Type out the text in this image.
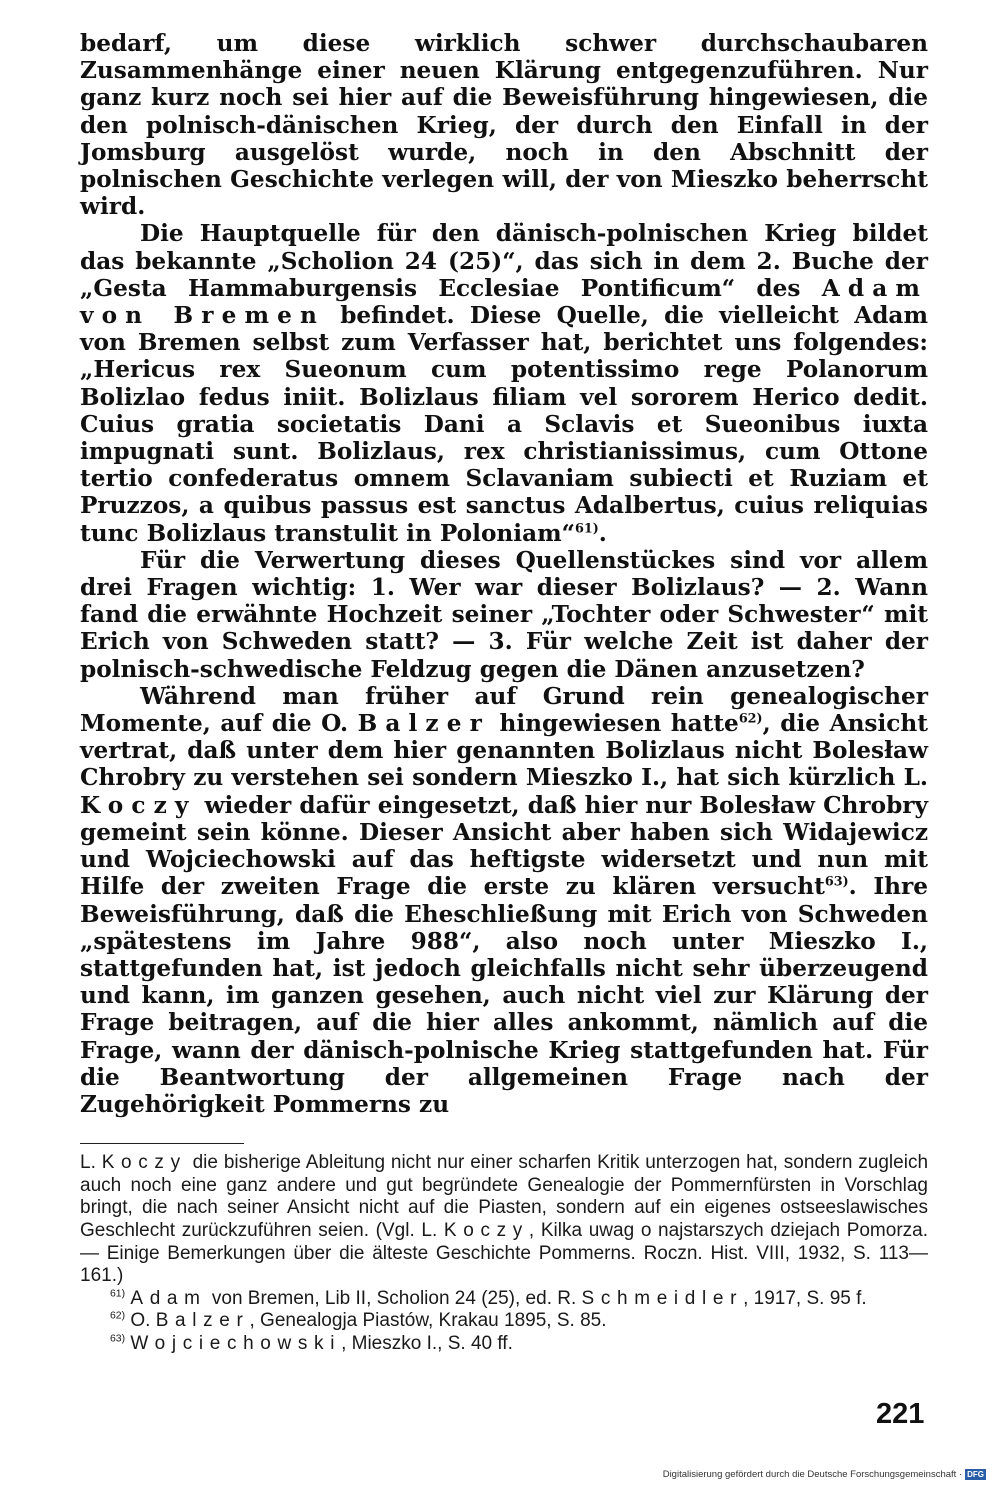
bedarf, um diese wirklich schwer durchschaubaren Zusammenhänge einer neuen Klärung entgegenzuführen. Nur ganz kurz noch sei hier auf die Beweisführung hingewiesen, die den polnisch-dänischen Krieg, der durch den Einfall in der Jomsburg ausgelöst wurde, noch in den Abschnitt der polnischen Geschichte verlegen will, der von Mieszko beherrscht wird.

Die Hauptquelle für den dänisch-polnischen Krieg bildet das bekannte „Scholion 24 (25)“, das sich in dem 2. Buche der „Gesta Hammaburgensis Ecclesiae Pontificum“ des Adam von Bremen befindet. Diese Quelle, die vielleicht Adam von Bremen selbst zum Verfasser hat, berichtet uns folgendes: „Hericus rex Sueonum cum potentissimo rege Polanorum Bolizlao fedus iniit. Bolizlaus filiam vel sororem Herico dedit. Cuius gratia societatis Dani a Sclavis et Sueonibus iuxta impugnati sunt. Bolizlaus, rex christianissimus, cum Ottone tertio confederatus omnem Sclavaniam subiecti et Ruziam et Pruzzos, a quibus passus est sanctus Adalbertus, cuius reliquias tunc Bolizlaus transtulit in Poloniam“$^{61)}$.

Für die Verwertung dieses Quellenstückes sind vor allem drei Fragen wichtig: 1. Wer war dieser Bolizlaus? — 2. Wann fand die erwähnte Hochzeit seiner „Tochter oder Schwester“ mit Erich von Schweden statt? — 3. Für welche Zeit ist daher der polnisch-schwedische Feldzug gegen die Dänen anzusetzen?

Während man früher auf Grund rein genealogischer Momente, auf die O. Balzer hingewiesen hatte$^{62)}$, die Ansicht vertrat, daß unter dem hier genannten Bolizlaus nicht Bolesław Chrobry zu verstehen sei sondern Mieszko I., hat sich kürzlich L. Koczy wieder dafür eingesetzt, daß hier nur Bolesław Chrobry gemeint sein könne. Dieser Ansicht aber haben sich Widajewicz und Wojciechowski auf das heftigste widersetzt und nun mit Hilfe der zweiten Frage die erste zu klären versucht$^{63)}$. Ihre Beweisführung, daß die Eheschließung mit Erich von Schweden „spätestens im Jahre 988“, also noch unter Mieszko I., stattgefunden hat, ist jedoch gleichfalls nicht sehr überzeugend und kann, im ganzen gesehen, auch nicht viel zur Klärung der Frage beitragen, auf die hier alles ankommt, nämlich auf die Frage, wann der dänisch-polnische Krieg stattgefunden hat. Für die Beantwortung der allgemeinen Frage nach der Zugehörigkeit Pommerns zu

L. Koczy die bisherige Ableitung nicht nur einer scharfen Kritik unterzogen hat, sondern zugleich auch noch eine ganz andere und gut begründete Genealogie der Pommernfürsten in Vorschlag bringt, die nach seiner Ansicht nicht auf die Piasten, sondern auf ein eigenes ostseeslawisches Geschlecht zurückzuführen seien. (Vgl. L. Koczy, Kilka uwag o najstarszych dziejach Pomorza. — Einige Bemerkungen über die älteste Geschichte Pommerns. Roczn. Hist. VIII, 1932, S. 113—161.)

$^{61)}$ Adam von Bremen, Lib II, Scholion 24 (25), ed. R. Schmeidler, 1917, S. 95 f.

$^{62)}$ O. Balzer, Genealogja Piastów, Krakau 1895, S. 85.

$^{63)}$ Wojciechowski, Mieszko I., S. 40 ff.

221
Digitalisierung gefördert durch die Deutsche Forschungsgemeinschaft · DFG
